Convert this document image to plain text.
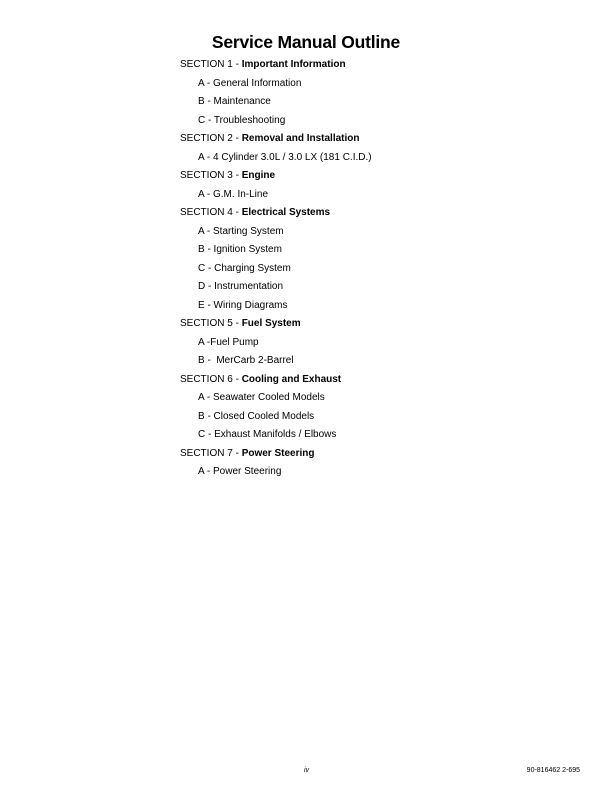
Service Manual Outline
SECTION 1 - Important Information
A - General Information
B - Maintenance
C - Troubleshooting
SECTION 2 - Removal and Installation
A - 4 Cylinder 3.0L / 3.0 LX (181 C.I.D.)
SECTION 3 - Engine
A - G.M. In-Line
SECTION 4 - Electrical Systems
A - Starting System
B - Ignition System
C - Charging System
D - Instrumentation
E - Wiring Diagrams
SECTION 5 - Fuel System
A -Fuel Pump
B -  MerCarb 2-Barrel
SECTION 6 - Cooling and Exhaust
A - Seawater Cooled Models
B - Closed Cooled Models
C - Exhaust Manifolds / Elbows
SECTION 7 - Power Steering
A - Power Steering
iv	90-816462 2-695
